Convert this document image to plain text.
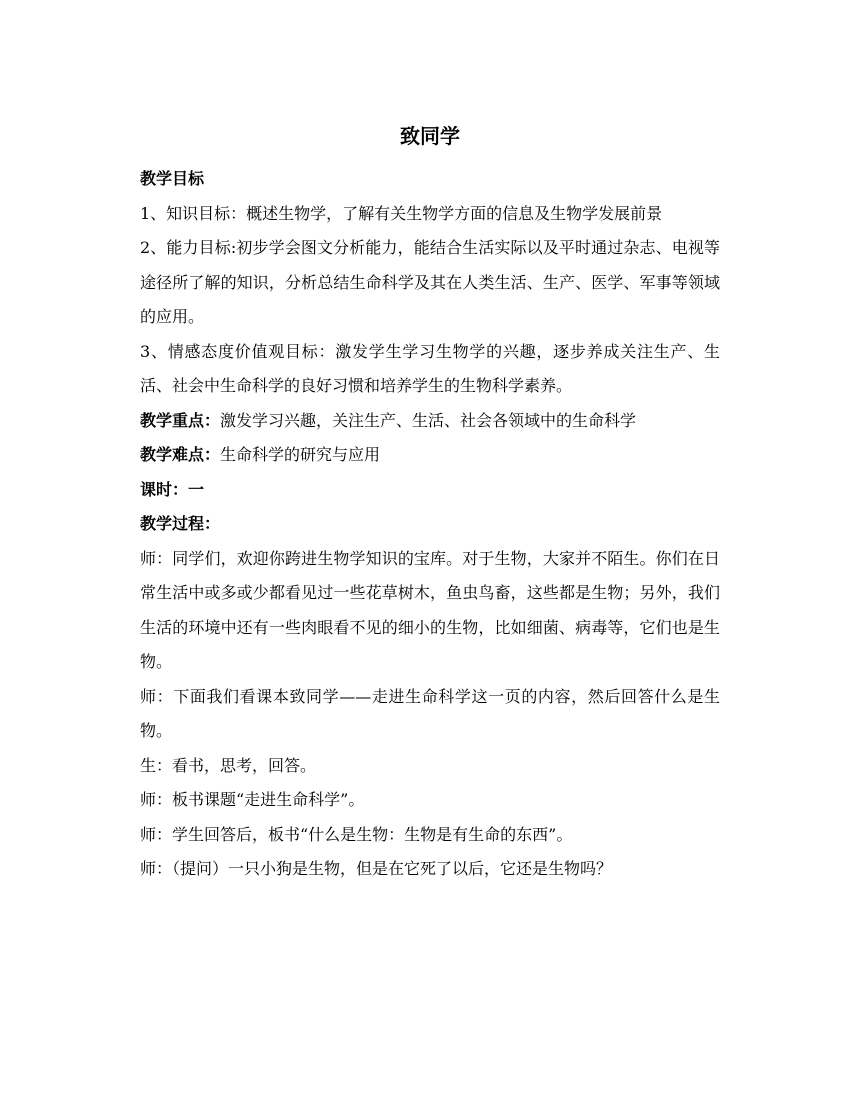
致同学

教学目标

1、知识目标：概述生物学，了解有关生物学方面的信息及生物学发展前景

2、能力目标:初步学会图文分析能力，能结合生活实际以及平时通过杂志、电视等途径所了解的知识，分析总结生命科学及其在人类生活、生产、医学、军事等领域的应用。

3、情感态度价值观目标：激发学生学习生物学的兴趣，逐步养成关注生产、生活、社会中生命科学的良好习惯和培养学生的生物科学素养。

教学重点：激发学习兴趣，关注生产、生活、社会各领域中的生命科学

教学难点：生命科学的研究与应用

课时：一

教学过程：

师：同学们，欢迎你跨进生物学知识的宝库。对于生物，大家并不陌生。你们在日常生活中或多或少都看见过一些花草树木，鱼虫鸟畜，这些都是生物；另外，我们生活的环境中还有一些肉眼看不见的细小的生物，比如细菌、病毒等，它们也是生物。

师：下面我们看课本致同学——走进生命科学这一页的内容，然后回答什么是生物。

生：看书，思考，回答。

师：板书课题“走进生命科学”。

师：学生回答后，板书“什么是生物：生物是有生命的东西”。

师：（提问）一只小狗是生物，但是在它死了以后，它还是生物吗？
